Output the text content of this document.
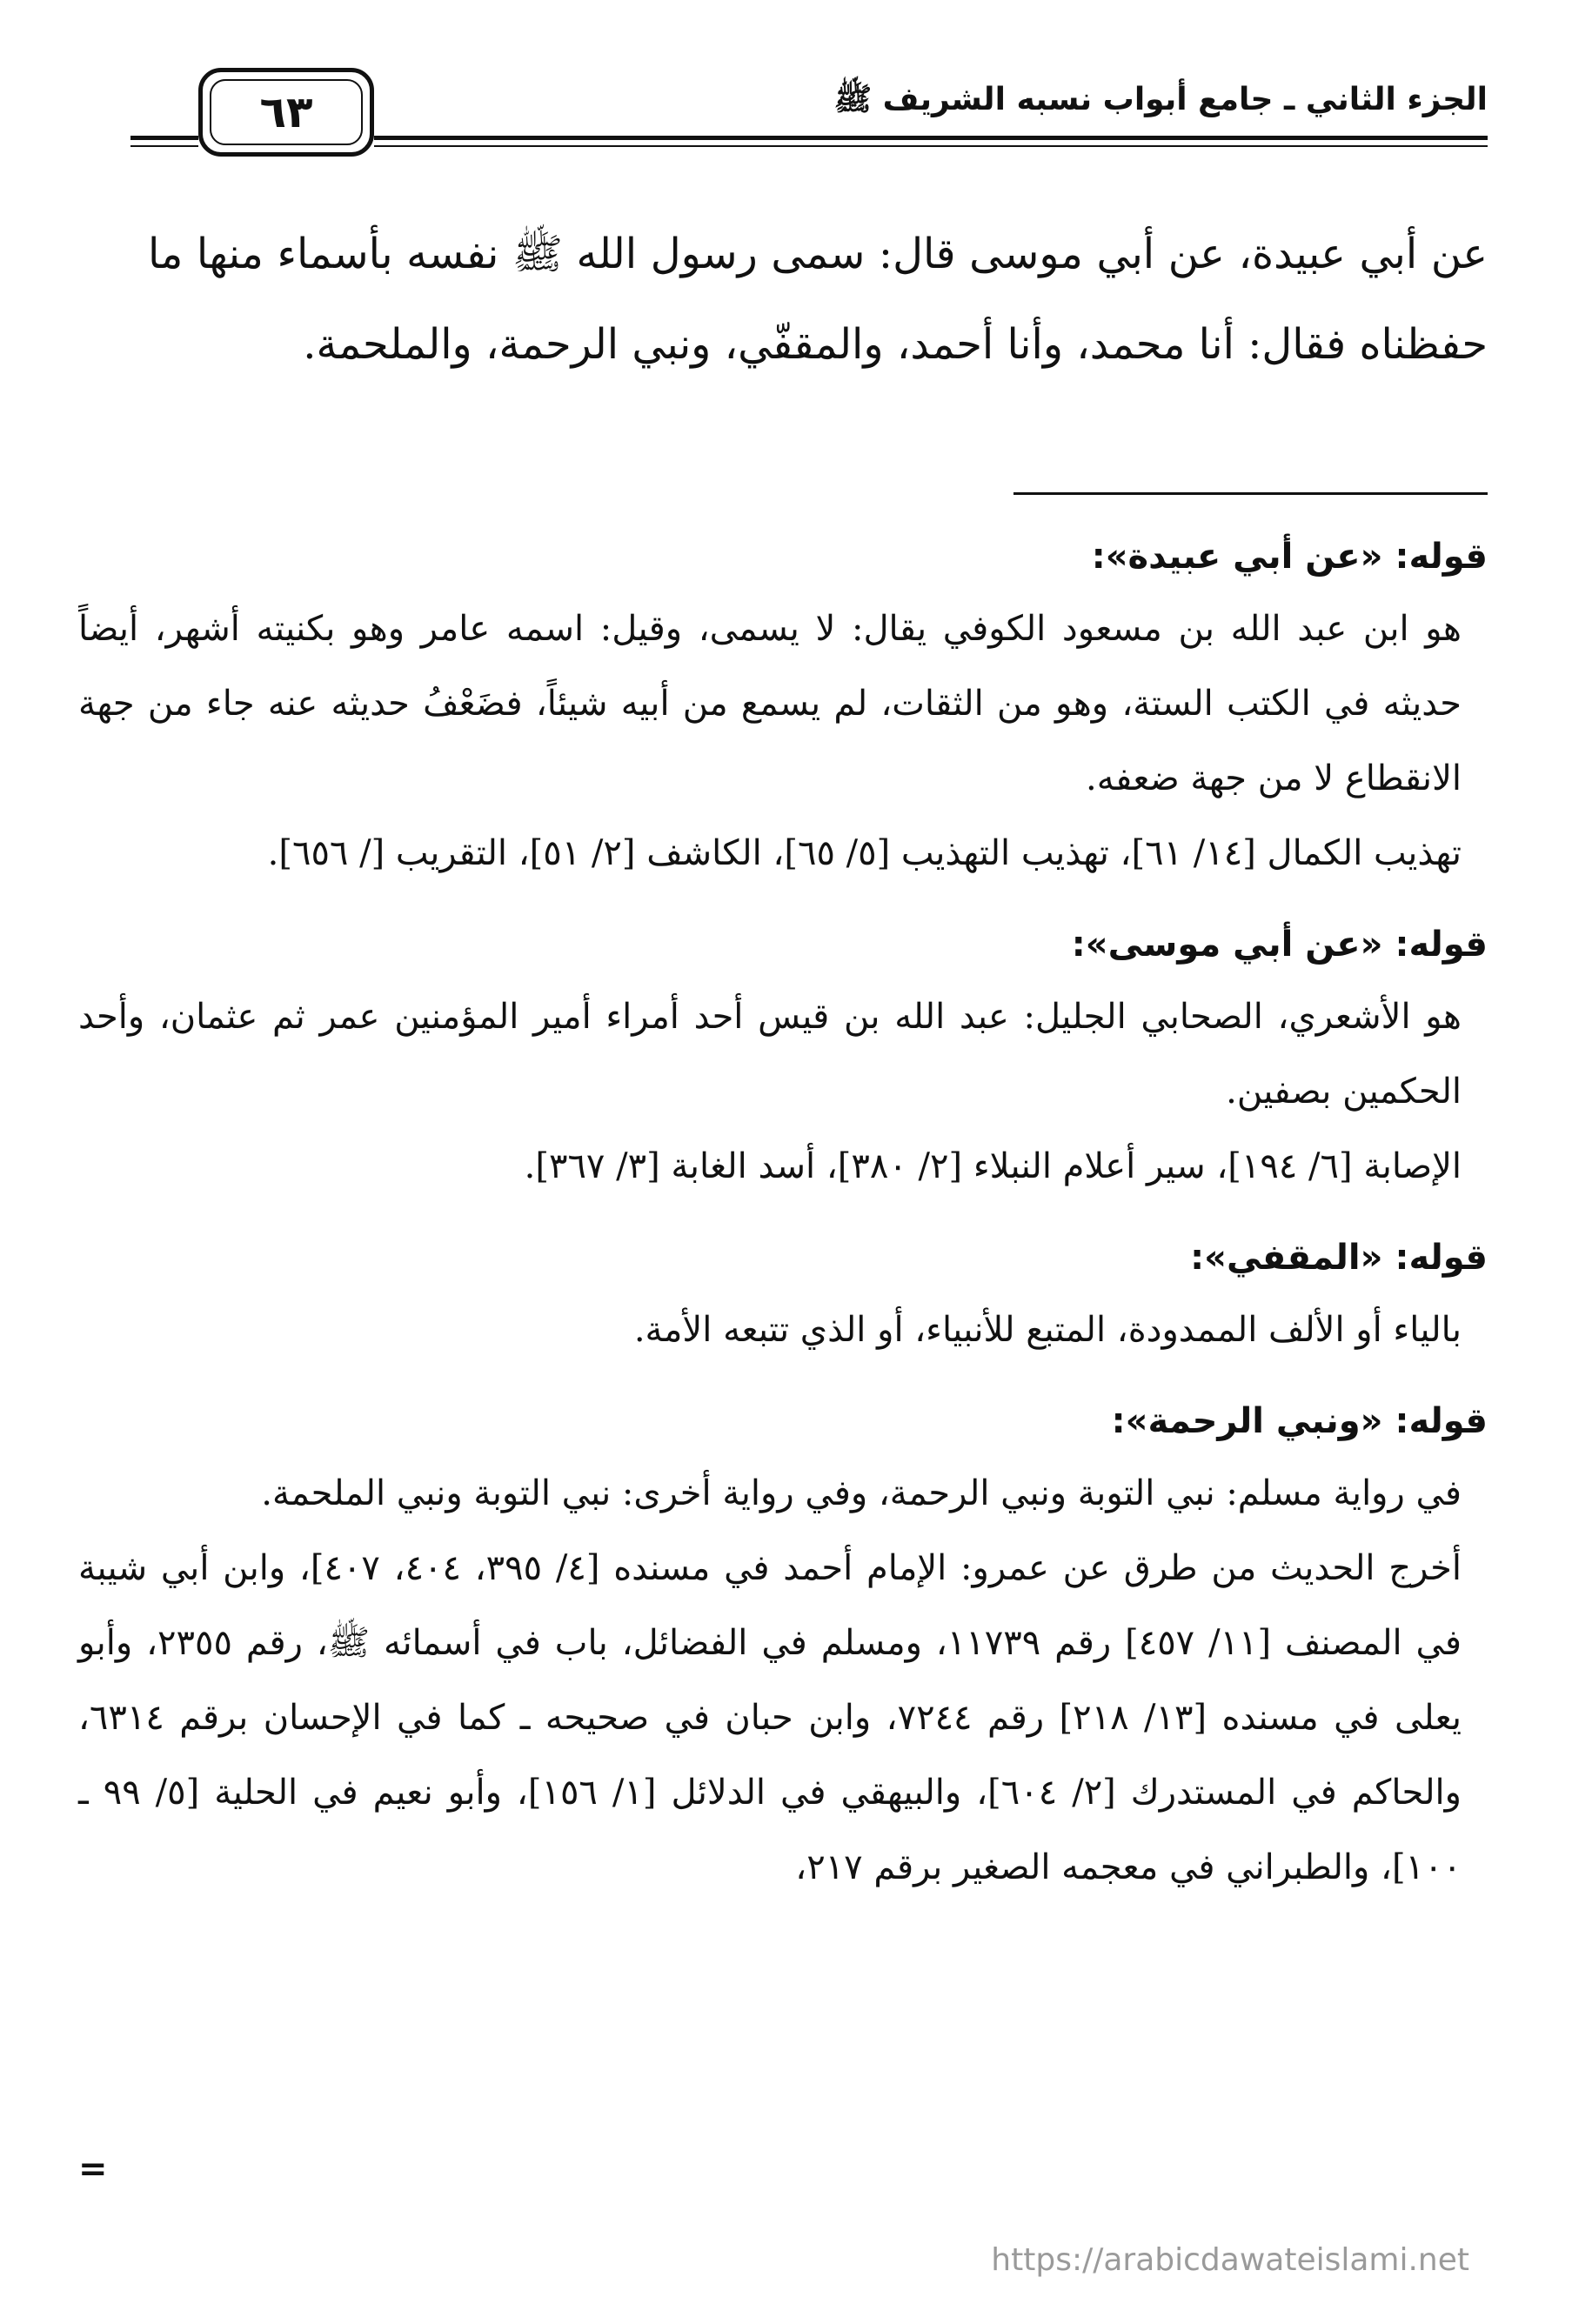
الجزء الثاني ـ جامع أبواب نسبه الشريف ﷺ
٦٣
عن أبي عبيدة، عن أبي موسى قال: سمى رسول الله ﷺ نفسه بأسماء منها ما حفظناه فقال: أنا محمد، وأنا أحمد، والمقفّي، ونبي الرحمة، والملحمة.
قوله:«عن أبي عبيدة»:

هو ابن عبد الله بن مسعود الكوفي يقال: لا يسمى، وقيل: اسمه عامر وهو بكنيته أشهر، أيضاً حديثه في الكتب الستة، وهو من الثقات، لم يسمع من أبيه شيئاً، فضَعْفُ حديثه عنه جاء من جهة الانقطاع لا من جهة ضعفه.

تهذيب الكمال [١٤/ ٦١]، تهذيب التهذيب [٥/ ٦٥]، الكاشف [٢/ ٥١]، التقريب [/ ٦٥٦].

قوله:«عن أبي موسى»:

هو الأشعري، الصحابي الجليل: عبد الله بن قيس أحد أمراء أمير المؤمنين عمر ثم عثمان، وأحد الحكمين بصفين.

الإصابة [٦/ ١٩٤]، سير أعلام النبلاء [٢/ ٣٨٠]، أسد الغابة [٣/ ٣٦٧].

قوله:«المقفي»:

بالياء أو الألف الممدودة، المتبع للأنبياء، أو الذي تتبعه الأمة.

قوله:«ونبي الرحمة»:

في رواية مسلم: نبي التوبة ونبي الرحمة، وفي رواية أخرى: نبي التوبة ونبي الملحمة.

أخرج الحديث من طرق عن عمرو: الإمام أحمد في مسنده [٤/ ٣٩٥، ٤٠٤، ٤٠٧]، وابن أبي شيبة في المصنف [١١/ ٤٥٧] رقم ١١٧٣٩، ومسلم في الفضائل، باب في أسمائه ﷺ، رقم ٢٣٥٥، وأبو يعلى في مسنده [١٣/ ٢١٨] رقم ٧٢٤٤، وابن حبان في صحيحه ـ كما في الإحسان برقم ٦٣١٤، والحاكم في المستدرك [٢/ ٦٠٤]، والبيهقي في الدلائل [١/ ١٥٦]، وأبو نعيم في الحلية [٥/ ٩٩ ـ ١٠٠]، والطبراني في معجمه الصغير برقم ٢١٧،

=
https://arabicdawateislami.net
